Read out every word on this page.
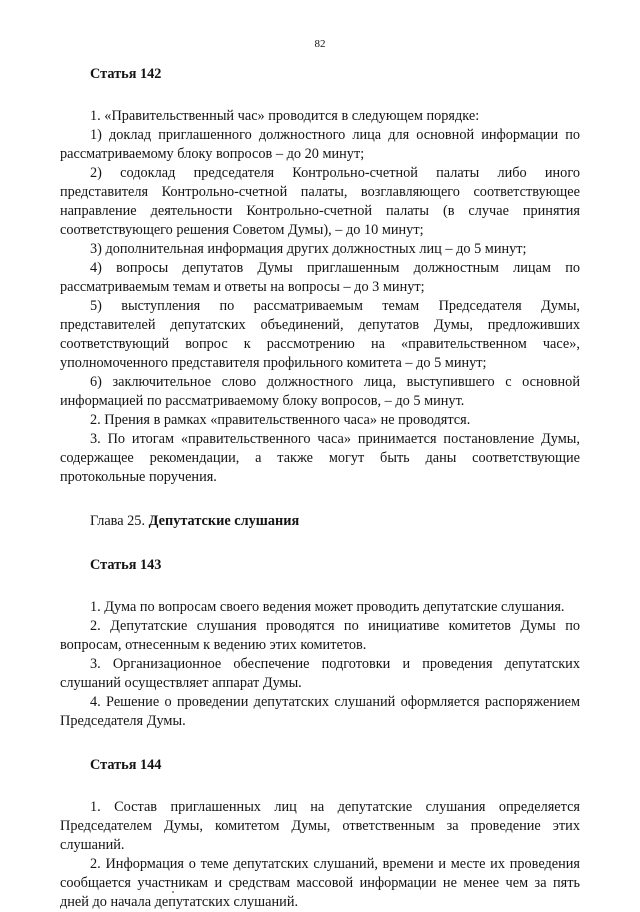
82
Статья 142

1. «Правительственный час» проводится в следующем порядке:

1) доклад приглашенного должностного лица для основной информации по рассматриваемому блоку вопросов – до 20 минут;

2) содоклад председателя Контрольно-счетной палаты либо иного представителя Контрольно-счетной палаты, возглавляющего соответствующее направление деятельности Контрольно-счетной палаты (в случае принятия соответствующего решения Советом Думы), – до 10 минут;

3) дополнительная информация других должностных лиц – до 5 минут;

4) вопросы депутатов Думы приглашенным должностным лицам по рассматриваемым темам и ответы на вопросы – до 3 минут;

5) выступления по рассматриваемым темам Председателя Думы, представителей депутатских объединений, депутатов Думы, предложивших соответствующий вопрос к рассмотрению на «правительственном часе», уполномоченного представителя профильного комитета – до 5 минут;

6) заключительное слово должностного лица, выступившего с основной информацией по рассматриваемому блоку вопросов, – до 5 минут.

2. Прения в рамках «правительственного часа» не проводятся.

3. По итогам «правительственного часа» принимается постановление Думы, содержащее рекомендации, а также могут быть даны соответствующие протокольные поручения.

Глава 25. Депутатские слушания
Статья 143

1. Дума по вопросам своего ведения может проводить депутатские слушания.

2. Депутатские слушания проводятся по инициативе комитетов Думы по вопросам, отнесенным к ведению этих комитетов.

3. Организационное обеспечение подготовки и проведения депутатских слушаний осуществляет аппарат Думы.

4. Решение о проведении депутатских слушаний оформляется распоряжением Председателя Думы.

Статья 144

1. Состав приглашенных лиц на депутатские слушания определяется Председателем Думы, комитетом Думы, ответственным за проведение этих слушаний.

2. Информация о теме депутатских слушаний, времени и месте их проведения сообщается участникам и средствам массовой информации не менее чем за пять дней до начала депутатских слушаний.
